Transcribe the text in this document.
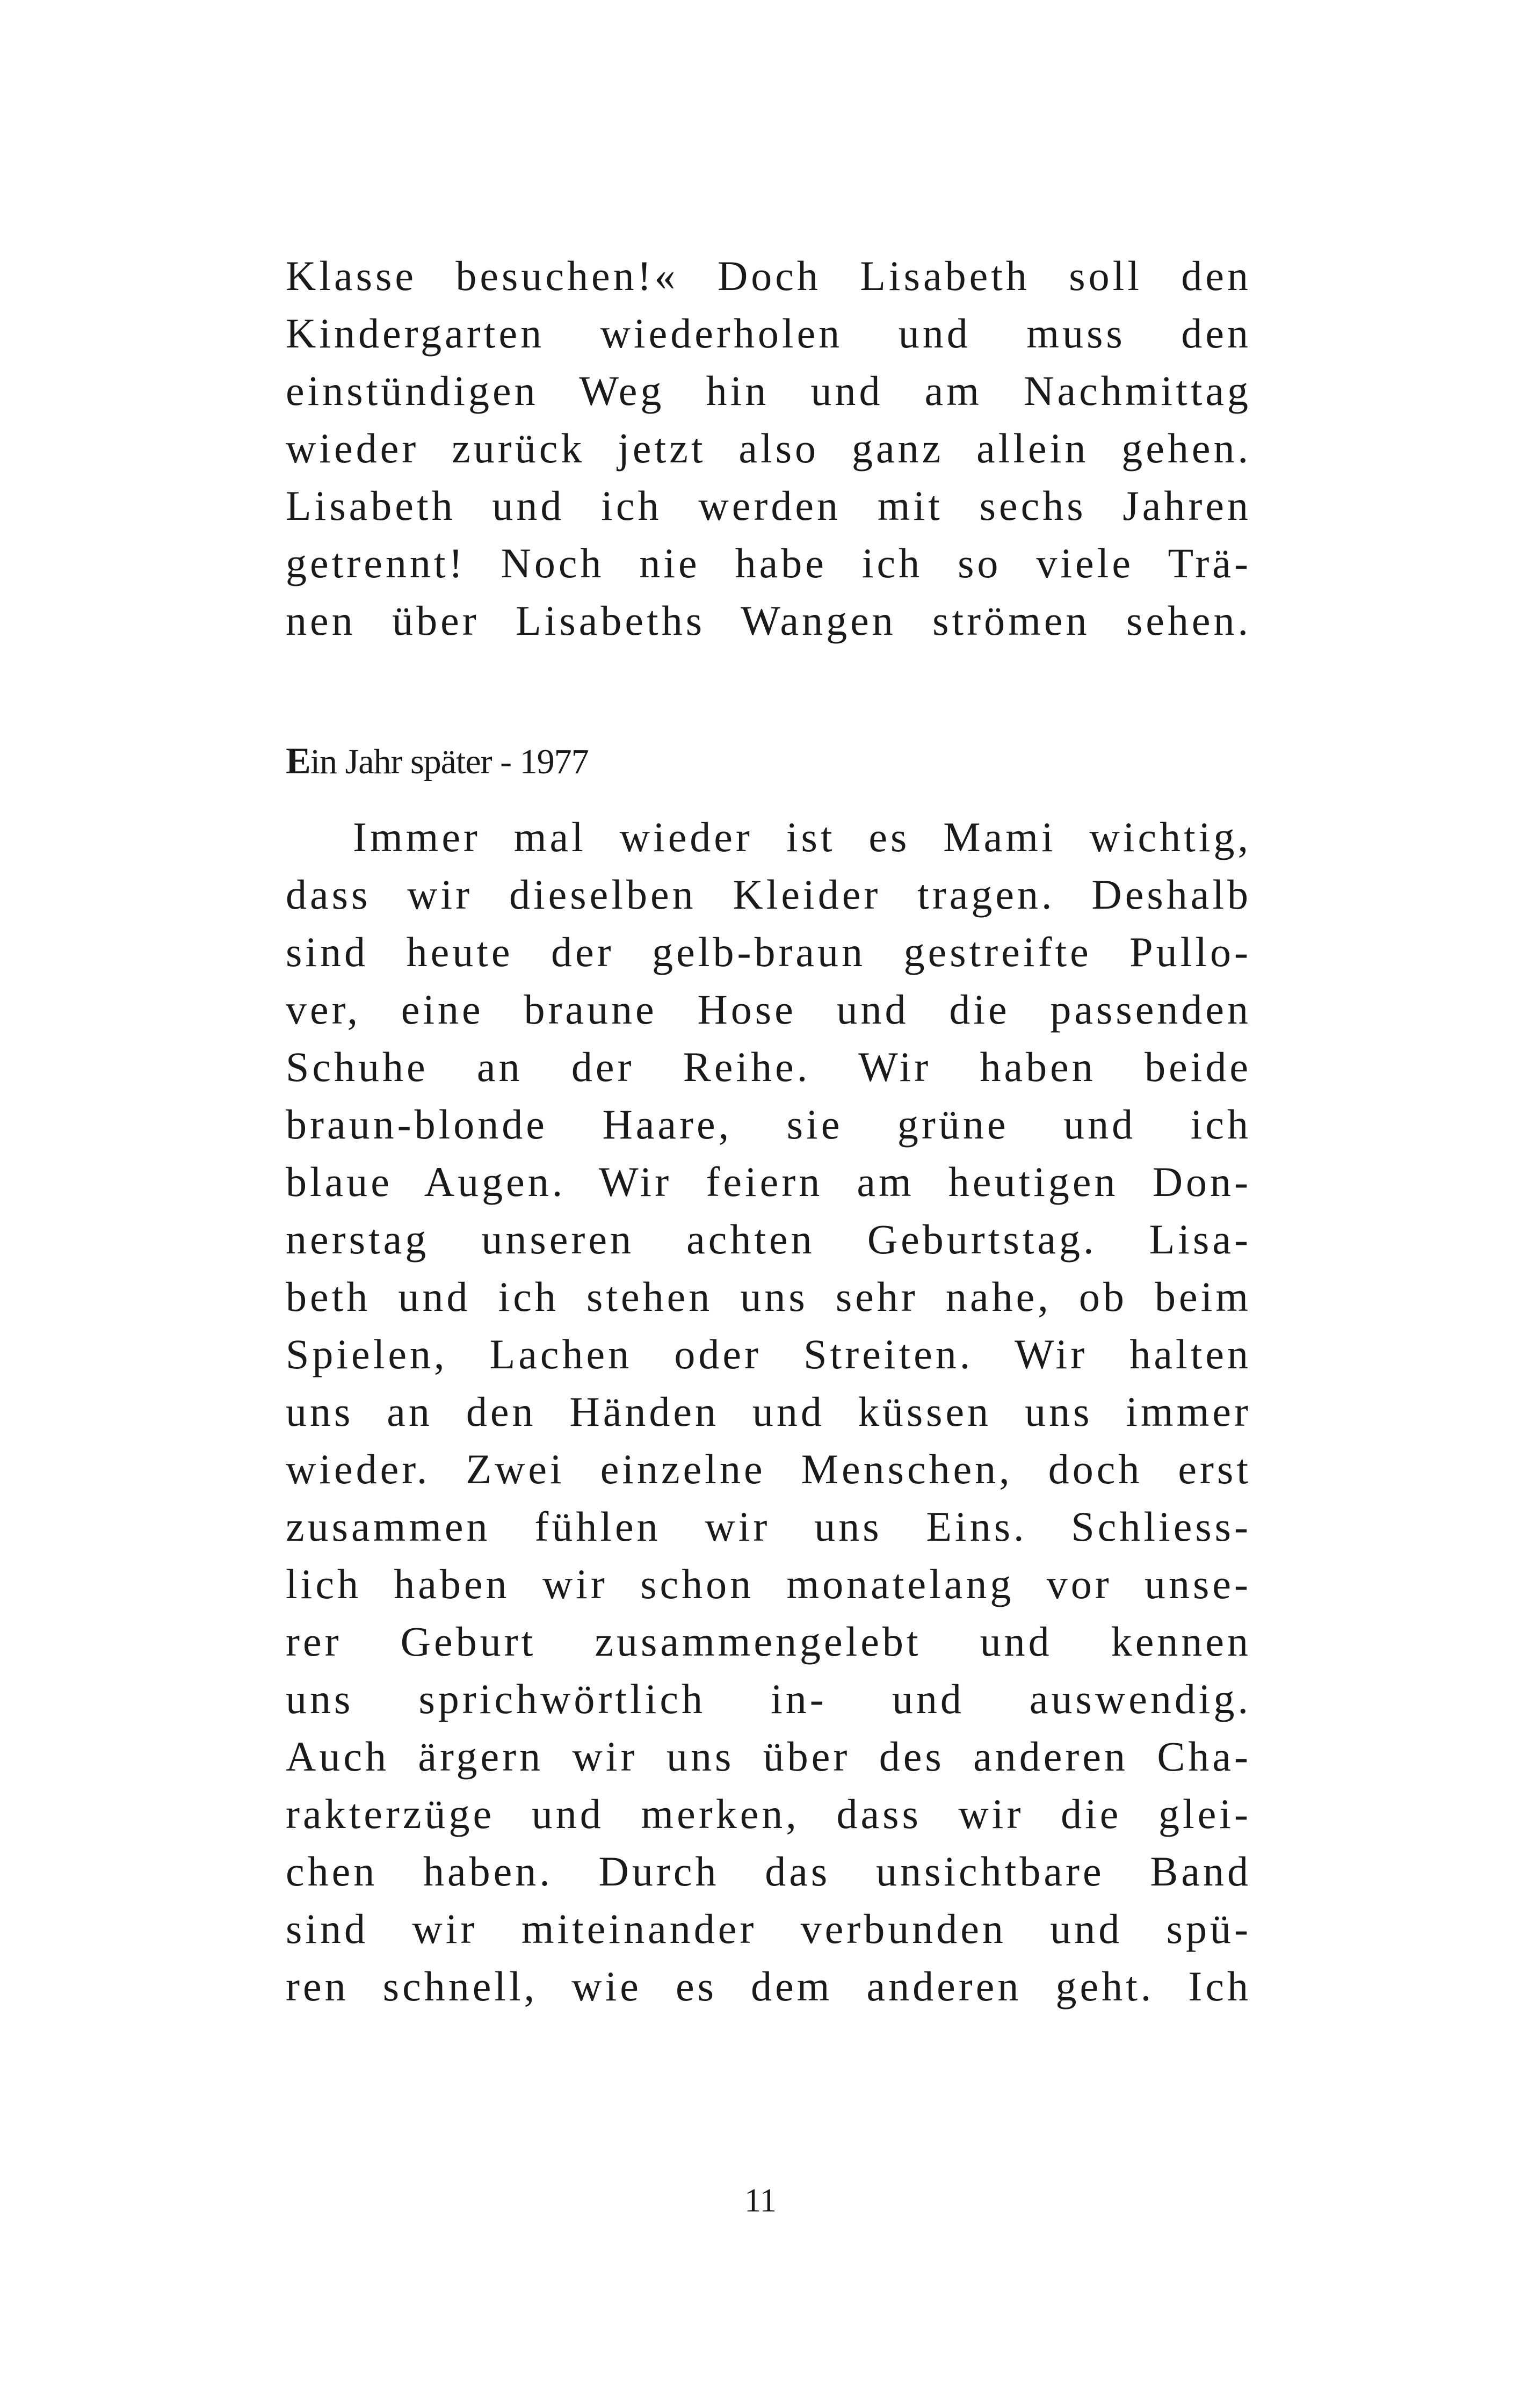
Klasse besuchen!« Doch Lisabeth soll den
Kindergarten wiederholen und muss den
einstündigen Weg hin und am Nachmittag
wieder zurück jetzt also ganz allein gehen.
Lisabeth und ich werden mit sechs Jahren
getrennt! Noch nie habe ich so viele Trä-
nen über Lisabeths Wangen strömen sehen.
Ein Jahr später - 1977
Immer mal wieder ist es Mami wichtig,
dass wir dieselben Kleider tragen. Deshalb
sind heute der gelb-braun gestreifte Pullo-
ver, eine braune Hose und die passenden
Schuhe an der Reihe. Wir haben beide
braun-blonde Haare, sie grüne und ich
blaue Augen. Wir feiern am heutigen Don-
nerstag unseren achten Geburtstag. Lisa-
beth und ich stehen uns sehr nahe, ob beim
Spielen, Lachen oder Streiten. Wir halten
uns an den Händen und küssen uns immer
wieder. Zwei einzelne Menschen, doch erst
zusammen fühlen wir uns Eins. Schliess-
lich haben wir schon monatelang vor unse-
rer Geburt zusammengelebt und kennen
uns sprichwörtlich in- und auswendig.
Auch ärgern wir uns über des anderen Cha-
rakterzüge und merken, dass wir die glei-
chen haben. Durch das unsichtbare Band
sind wir miteinander verbunden und spü-
ren schnell, wie es dem anderen geht. Ich
11
